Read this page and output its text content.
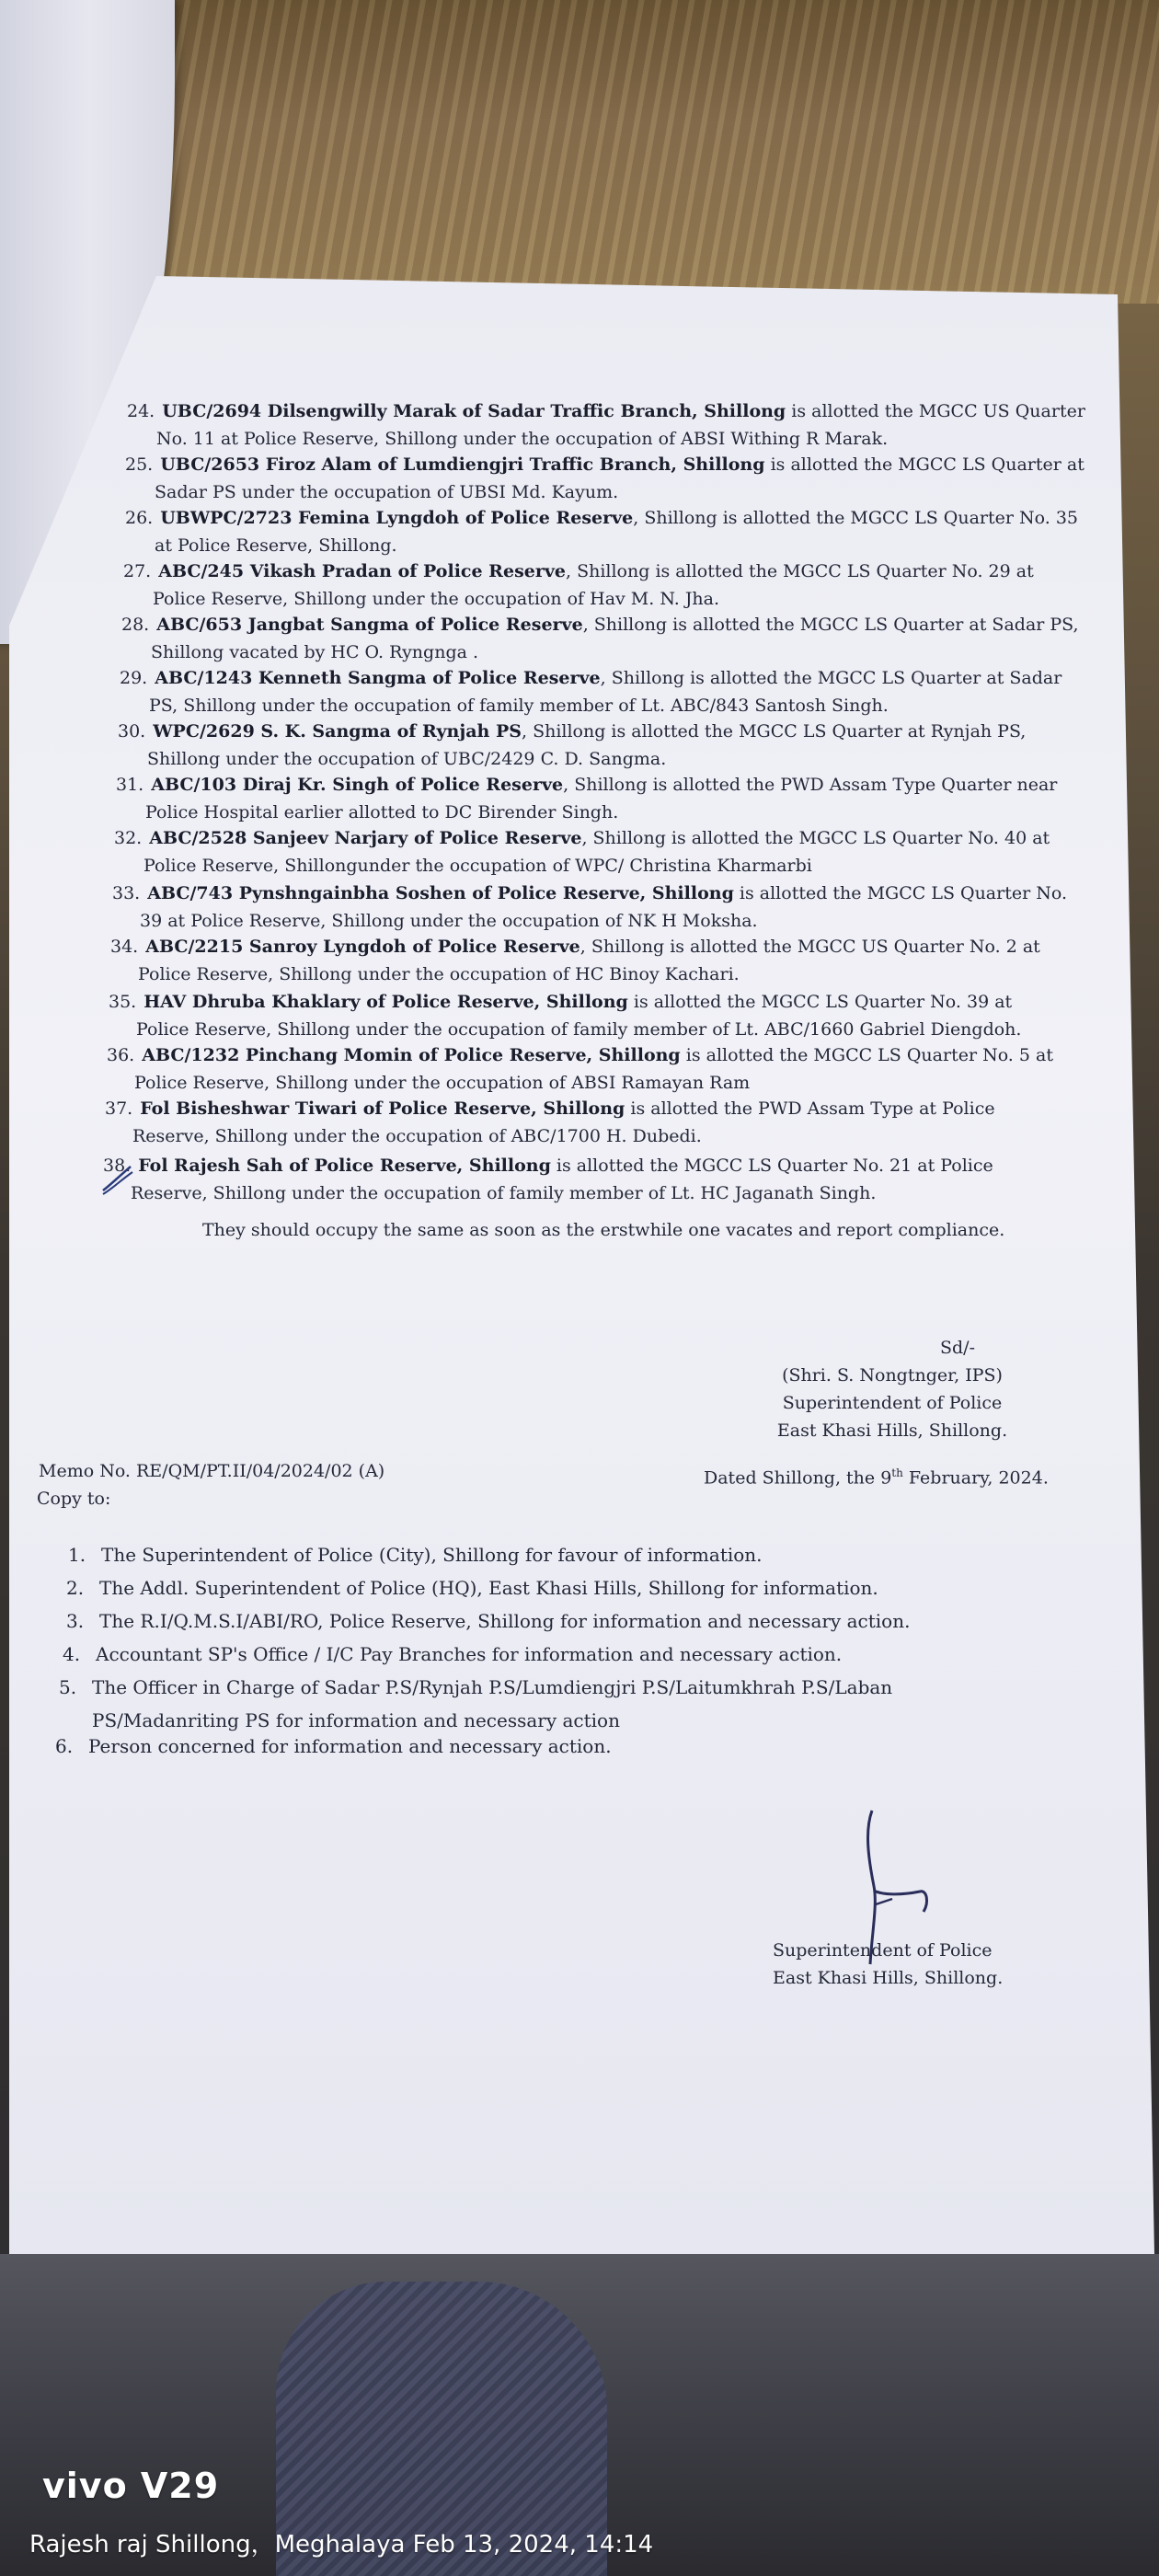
24. UBC/2694 Dilsengwilly Marak of Sadar Traffic Branch, Shillong is allotted the MGCC US Quarter
No. 11 at Police Reserve, Shillong under the occupation of ABSI Withing R Marak.
25. UBC/2653 Firoz Alam of Lumdiengjri Traffic Branch, Shillong is allotted the MGCC LS Quarter at
Sadar PS under the occupation of UBSI Md. Kayum.
26. UBWPC/2723 Femina Lyngdoh of Police Reserve, Shillong is allotted the MGCC LS Quarter No. 35
at Police Reserve, Shillong.
27. ABC/245 Vikash Pradan of Police Reserve, Shillong is allotted the MGCC LS Quarter No. 29 at
Police Reserve, Shillong under the occupation of Hav M. N. Jha.
28. ABC/653 Jangbat Sangma of Police Reserve, Shillong is allotted the MGCC LS Quarter at Sadar PS,
Shillong vacated by HC O. Ryngnga .
29. ABC/1243 Kenneth Sangma of Police Reserve, Shillong is allotted the MGCC LS Quarter at Sadar
PS, Shillong under the occupation of family member of Lt. ABC/843 Santosh Singh.
30. WPC/2629 S. K. Sangma of Rynjah PS, Shillong is allotted the MGCC LS Quarter at Rynjah PS,
Shillong under the occupation of UBC/2429 C. D. Sangma.
31. ABC/103 Diraj Kr. Singh of Police Reserve, Shillong is allotted the PWD Assam Type Quarter near
Police Hospital earlier allotted to DC Birender Singh.
32. ABC/2528 Sanjeev Narjary of Police Reserve, Shillong is allotted the MGCC LS Quarter No. 40 at
Police Reserve, Shillongunder the occupation of WPC/ Christina Kharmarbi
33. ABC/743 Pynshngainbha Soshen of Police Reserve, Shillong is allotted the MGCC LS Quarter No.
39 at Police Reserve, Shillong under the occupation of NK H Moksha.
34. ABC/2215 Sanroy Lyngdoh of Police Reserve, Shillong is allotted the MGCC US Quarter No. 2 at
Police Reserve, Shillong under the occupation of HC Binoy Kachari.
35. HAV Dhruba Khaklary of Police Reserve, Shillong is allotted the MGCC LS Quarter No. 39 at
Police Reserve, Shillong under the occupation of family member of Lt. ABC/1660 Gabriel Diengdoh.
36. ABC/1232 Pinchang Momin of Police Reserve, Shillong is allotted the MGCC LS Quarter No. 5 at
Police Reserve, Shillong under the occupation of ABSI Ramayan Ram
37. Fol Bisheshwar Tiwari of Police Reserve, Shillong is allotted the PWD Assam Type at Police
Reserve, Shillong under the occupation of ABC/1700 H. Dubedi.
38. Fol Rajesh Sah of Police Reserve, Shillong is allotted the MGCC LS Quarter No. 21 at Police
Reserve, Shillong under the occupation of family member of Lt. HC Jaganath Singh.
They should occupy the same as soon as the erstwhile one vacates and report compliance.
Sd/-
(Shri. S. Nongtnger, IPS)
Superintendent of Police
East Khasi Hills, Shillong.
Memo No. RE/QM/PT.II/04/2024/02 (A)	Dated Shillong, the 9th February, 2024.
Copy to:
1. The Superintendent of Police (City), Shillong for favour of information.
2. The Addl. Superintendent of Police (HQ), East Khasi Hills, Shillong for information.
3. The R.I/Q.M.S.I/ABI/RO, Police Reserve, Shillong for information and necessary action.
4. Accountant SP's Office / I/C Pay Branches for information and necessary action.
5. The Officer in Charge of Sadar P.S/Rynjah P.S/Lumdiengjri P.S/Laitumkhrah P.S/Laban
PS/Madanriting PS for information and necessary action
6. Person concerned for information and necessary action.
Superintendent of Police
East Khasi Hills, Shillong.
vivo V29
Rajesh raj Shillong，Meghalaya Feb 13, 2024, 14:14
